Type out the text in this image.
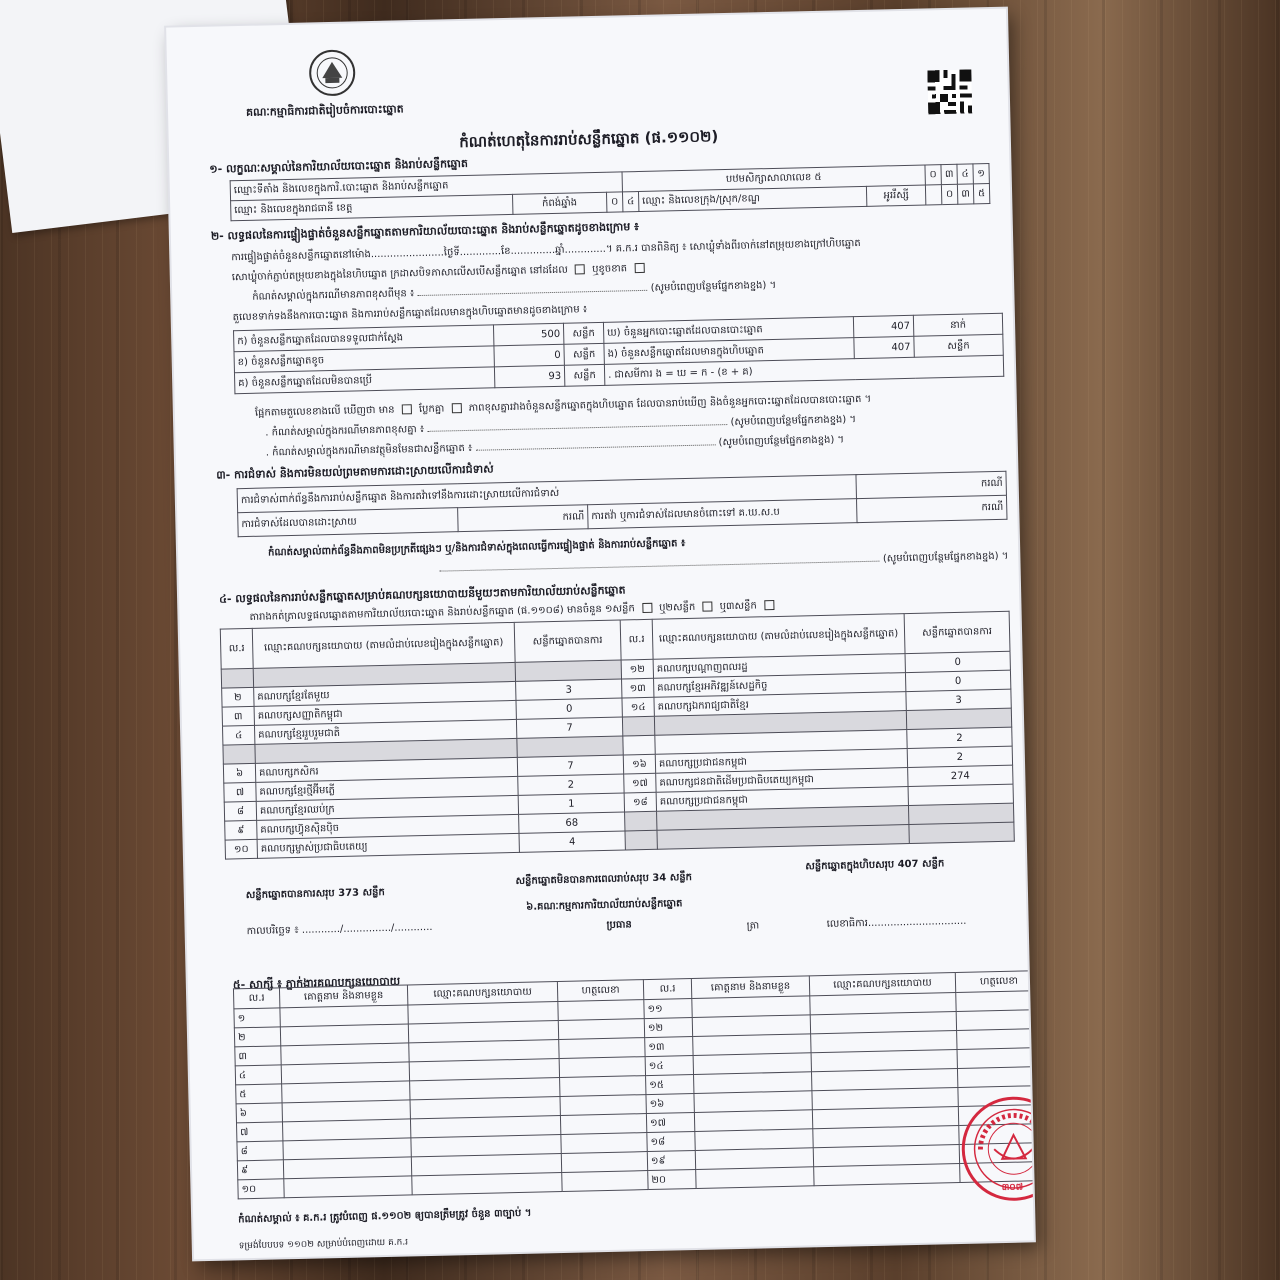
គណៈកម្មាធិការជាតិរៀបចំការបោះឆ្នោត
កំណត់ហេតុនៃការរាប់សន្លឹកឆ្នោត (ផ.១១០២)
១- លក្ខណៈសម្គាល់នៃការិយាល័យបោះឆ្នោត និងរាប់សន្លឹកឆ្នោត
ឈ្មោះទីតាំង និងលេខក្នុងការិ.បោះឆ្នោត និងរាប់សន្លឹកឆ្នោត			បឋមសិក្សាសាលាលេខ ៥			០	៣	៤	១
ឈ្មោះ និងលេខក្នុងរាជធានី ខេត្ត	កំពង់ឆ្នាំង	០	៤	ឈ្មោះ និងលេខក្រុង/ស្រុក/ខណ្ឌ	អូររឹស្សី		០	៣	៥
២- លទ្ធផលនៃការផ្ទៀងផ្ទាត់ចំនួនសន្លឹកឆ្នោតតាមការិយាល័យបោះឆ្នោត និងរាប់សន្លឹកឆ្នោតដូចខាងក្រោម ៖
ការផ្ទៀងផ្ទាត់ចំនួនសន្លឹកឆ្នោតនៅម៉ោង.......................ថ្ងៃទី.............ខែ..............ឆ្នាំ.............។ គ.ក.រ បានពិនិត្យ ៖ សោឃ្លុំទាំងពីរចាក់នៅតម្រុយខាងក្រៅហិបឆ្នោត
សោឃ្លុំចាក់ភ្ជាប់តម្រុយខាងក្នុងនៃហិបឆ្នោត ក្រដាសបិទភាសាលើសបើសន្លឹកឆ្នោត នៅដដែល ឬខូចខាត
កំណត់សម្គាល់ក្នុងករណីមានភាពខុសពីមុន ៖  (សូមបំពេញបន្ថែមផ្នែកខាងខ្នង) ។
តួលេខទាក់ទងនឹងការបោះឆ្នោត និងការរាប់សន្លឹកឆ្នោតដែលមានក្នុងហិបឆ្នោតមានដូចខាងក្រោម ៖
ក) ចំនួនសន្លឹកឆ្នោតដែលបានទទួលជាក់ស្តែង	500	សន្លឹក	ឃ) ចំនួនអ្នកបោះឆ្នោតដែលបានបោះឆ្នោត	407	នាក់
ខ) ចំនួនសន្លឹកឆ្នោតខូច	0	សន្លឹក	ង) ចំនួនសន្លឹកឆ្នោតដែលមានក្នុងហិបឆ្នោត	407	សន្លឹក
គ) ចំនួនសន្លឹកឆ្នោតដែលមិនបានប្រើ	93	សន្លឹក	. ជាសមីការ ង = ឃ = ក - (ខ + គ)		
ផ្អែកតាមតួលេខខាងលើ ឃើញថា មាន ប្លែកគ្នា ភាពខុសគ្នារវាងចំនួនសន្លឹកឆ្នោតក្នុងហិបឆ្នោត ដែលបានរាប់ឃើញ និងចំនួនអ្នកបោះឆ្នោតដែលបានបោះឆ្នោត ។
. កំណត់សម្គាល់ក្នុងករណីមានភាពខុសគ្នា ៖  (សូមបំពេញបន្ថែមផ្នែកខាងខ្នង) ។
. កំណត់សម្គាល់ក្នុងករណីមានវត្ថុមិនមែនជាសន្លឹកឆ្នោត ៖  (សូមបំពេញបន្ថែមផ្នែកខាងខ្នង) ។
៣- ការជំទាស់ និងការមិនយល់ព្រមតាមការដោះស្រាយលើការជំទាស់
ការជំទាស់ពាក់ព័ន្ធនឹងការរាប់សន្លឹកឆ្នោត និងការតវ៉ាទៅនឹងការដោះស្រាយលើការជំទាស់			ករណី
ការជំទាស់ដែលបានដោះស្រាយ	ករណី	ការតវ៉ា ឬការជំទាស់ដែលមានចំពោះទៅ គ.ឃ.ស.ប	ករណី
កំណត់សម្គាល់ពាក់ព័ន្ធនឹងភាពមិនប្រក្រតីផ្សេងៗ ឬ/និងការជំទាស់ក្នុងពេលធ្វើការផ្ទៀងផ្ទាត់ និងការរាប់សន្លឹកឆ្នោត ៖	(សូមបំពេញបន្ថែមផ្នែកខាងខ្នង) ។
៤- លទ្ធផលនៃការរាប់សន្លឹកឆ្នោតសម្រាប់គណបក្សនយោបាយនីមួយៗតាមការិយាល័យរាប់សន្លឹកឆ្នោត
តារាងកត់ត្រាលទ្ធផលឆ្នោតតាមការិយាល័យបោះឆ្នោត និងរាប់សន្លឹកឆ្នោត (ផ.១១០៨) មានចំនួន ១សន្លឹក ឬ២សន្លឹក ឬ៣សន្លឹក
ល.រ	ឈ្មោះគណបក្សនយោបាយ (តាមលំដាប់លេខរៀងក្នុងសន្លឹកឆ្នោត)	សន្លឹកឆ្នោតបានការ	ល.រ	ឈ្មោះគណបក្សនយោបាយ (តាមលំដាប់លេខរៀងក្នុងសន្លឹកឆ្នោត)	សន្លឹកឆ្នោតបានការ
			១២	គណបក្សបណ្តាញពលរដ្ឋ	0
២	គណបក្សខ្មែរតែមួយ	3	១៣	គណបក្សខ្មែរអភិវឌ្ឍន៍សេដ្ឋកិច្ច	0
៣	គណបក្សសញ្ញាតិកម្ពុជា	0	១៤	គណបក្សឯករាជ្យជាតិខ្មែរ	3
៤	គណបក្សខ្មែររួបរួមជាតិ	7			
					2
៦	គណបក្សកសិករ	7	១៦	គណបក្សប្រជាជនកម្ពុជា	2
៧	គណបក្សខ្មែរថ្មីអ៊ីមភ្លើ	2	១៧	គណបក្សជនជាតិដើមប្រជាធិបតេយ្យកម្ពុជា	274
៨	គណបក្សខ្មែរឈប់ក្រ	1	១៨	គណបក្សប្រជាជនកម្ពុជា	
៩	គណបក្សហ៊្វុនស៊ិនប៉ិច	68			
១០	គណបក្សម្ចាស់ប្រជាធិបតេយ្យ	4			
សន្លឹកឆ្នោតបានការសរុប 373 សន្លឹក
សន្លឹកឆ្នោតមិនបានការពេលរាប់សរុប 34 សន្លឹក
សន្លឹកឆ្នោតក្នុងហិបសរុប 407 សន្លឹក
៦.គណៈកម្មការការិយាល័យរាប់សន្លឹកឆ្នោត
កាលបរិច្ឆេទ ៖ ............/.............../............	ប្រធាន	ត្រា	លេខាធិការ...............................
៥- សាក្សី ៖ ភ្នាក់ងារគណបក្សនយោបាយ
ល.រ	គោត្តនាម និងនាមខ្លួន	ឈ្មោះគណបក្សនយោបាយ	ហត្ថលេខា	ល.រ	គោត្តនាម និងនាមខ្លួន	ឈ្មោះគណបក្សនយោបាយ	ហត្ថលេខា
១				១១			
២				១២			
៣				១៣			
៤				១៤			
៥				១៥			
៦				១៦			
៧				១៧			
៨				១៨			
៩				១៩			
១០				២០			
៣០៧
កំណត់សម្គាល់ ៖ គ.ក.រ ត្រូវបំពេញ ផ.១១០២ ឲ្យបានត្រឹមត្រូវ ចំនួន ៣ច្បាប់ ។
ទម្រង់បែបបទ ១១០២ សម្រាប់បំពេញដោយ គ.ក.រ
